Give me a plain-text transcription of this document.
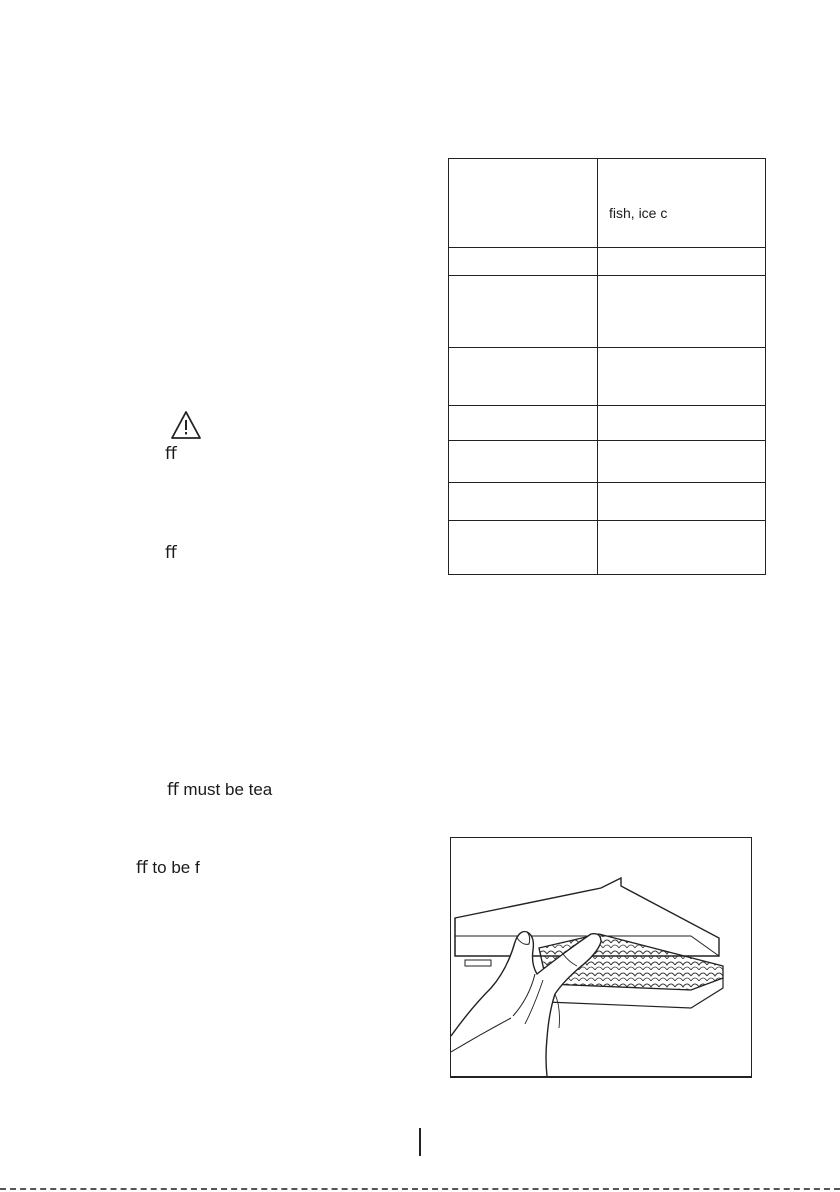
ﬀ
ﬀ
ﬀ must be tea
ﬀ to be f
ﬁsh, ice c
